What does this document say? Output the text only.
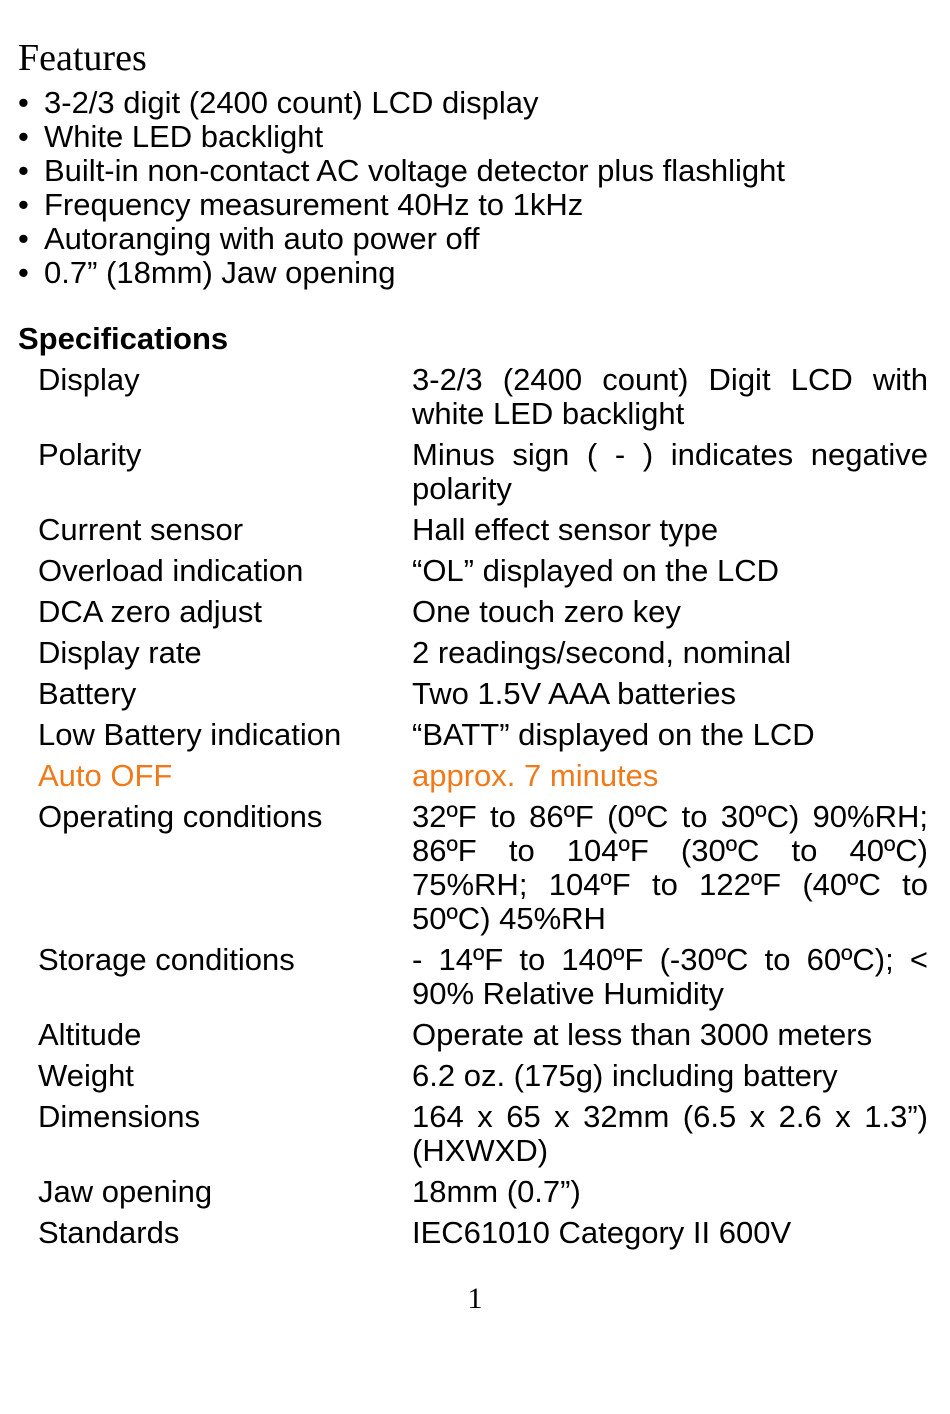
Features
• 3-2/3 digit (2400 count) LCD display
• White LED backlight
• Built-in non-contact AC voltage detector plus flashlight
• Frequency measurement 40Hz to 1kHz
• Autoranging with auto power off
• 0.7” (18mm) Jaw opening
Specifications
Display	3-2/3 (2400 count) Digit LCD with white LED backlight
Polarity	Minus sign ( - ) indicates negative polarity
Current sensor	Hall effect sensor type
Overload indication	“OL” displayed on the LCD
DCA zero adjust	One touch zero key
Display rate	2 readings/second, nominal
Battery	Two 1.5V AAA batteries
Low Battery indication	“BATT” displayed on the LCD
Auto OFF	approx. 7 minutes
Operating conditions	32ºF to 86ºF (0ºC to 30ºC) 90%RH; 86ºF to 104ºF (30ºC to 40ºC) 75%RH; 104ºF to 122ºF (40ºC to 50ºC) 45%RH
Storage conditions	- 14ºF to 140ºF (-30ºC to 60ºC); < 90% Relative Humidity
Altitude	Operate at less than 3000 meters
Weight	6.2 oz. (175g) including battery
Dimensions	164 x 65 x 32mm (6.5 x 2.6 x 1.3”) (HXWXD)
Jaw opening	18mm (0.7”)
Standards	IEC61010 Category II 600V
1
